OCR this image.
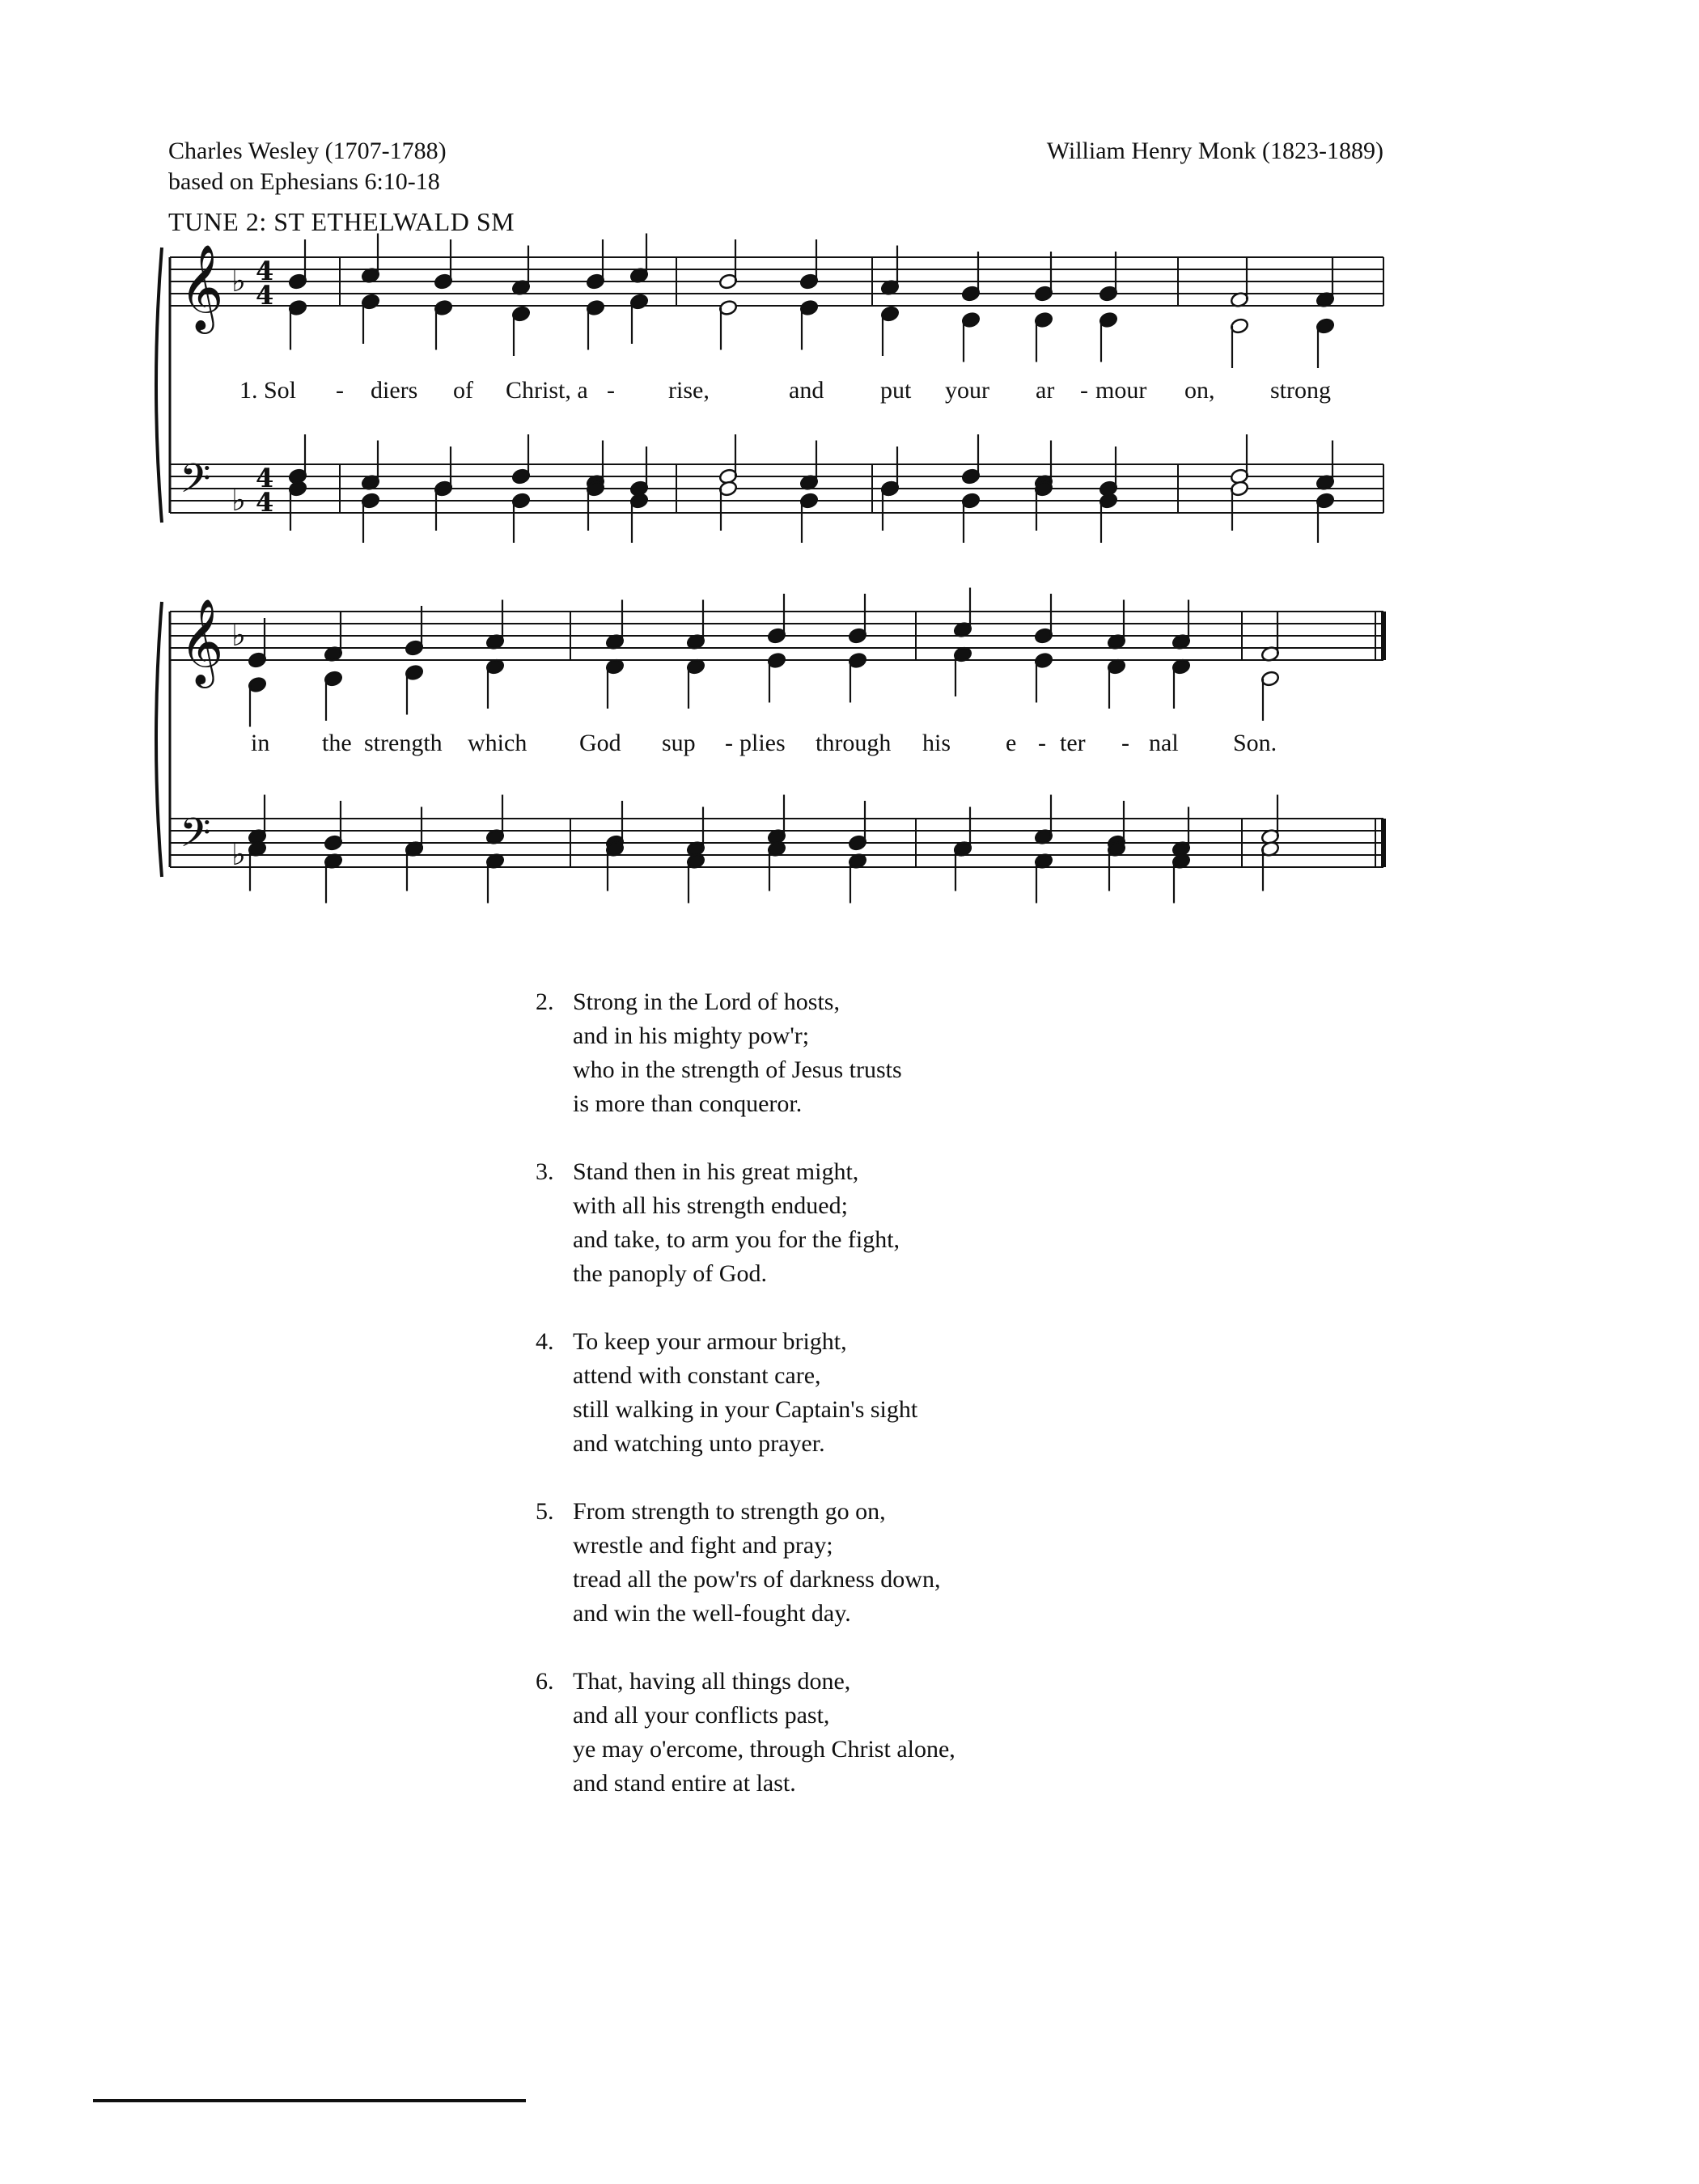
Charles Wesley (1707-1788)
based on Ephesians 6:10-18
William Henry Monk (1823-1889)
TUNE 2: ST ETHELWALD SM
𝄞 ♭ 4
4
𝄢 ♭
4
4
𝄞 ♭
𝄢 ♭
1. Sol - diers of Christ, a - rise,	and put your ar - mour on, strong
in the strength which God sup - plies through his e - ter - nal Son.
2. Strong in the Lord of hosts,
and in his mighty pow'r;
who in the strength of Jesus trusts
is more than conqueror.
3. Stand then in his great might,
with all his strength endued;
and take, to arm you for the fight,
the panoply of God.
4. To keep your armour bright,
attend with constant care,
still walking in your Captain's sight
and watching unto prayer.
5. From strength to strength go on,
wrestle and fight and pray;
tread all the pow'rs of darkness down,
and win the well-fought day.
6. That, having all things done,
and all your conflicts past,
ye may o'ercome, through Christ alone,
and stand entire at last.
